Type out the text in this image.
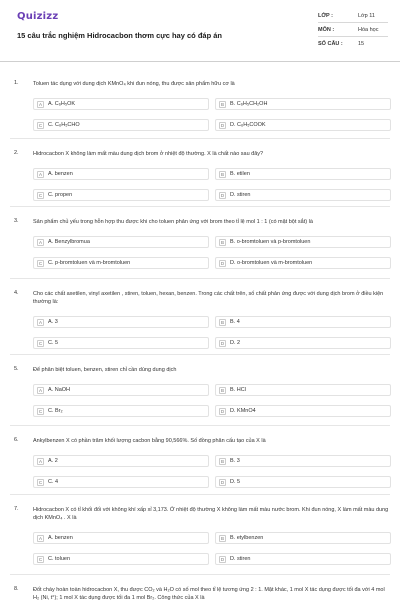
Quizizz
15 câu trắc nghiệm Hidrocacbon thơm cực hay có đáp án
LỚP :	Lớp 11
MÔN :	Hóa học
SỐ CÂU :	15
1.	Toluen tác dụng với dung dịch KMnO₄ khi đun nóng, thu được sản phẩm hữu cơ là
A	A. C₆H₅OK	B	B. C₆H₅CH₂OH
C	C. C₆H₅CHO	D	D. C₆H₅COOK
2.	Hidrocacbon X không làm mất màu dung dịch brom ở nhiệt độ thường. X là chất nào sau đây?
A	A. benzen	B	B. etilen
C	C. propen	D	D. stiren
3.	Sản phẩm chủ yếu trong hỗn hợp thu được khi cho toluen phản ứng với brom theo tỉ lệ mol 1 : 1 (có mặt bột sắt) là
A	A. Benzylbromua	B	B. o-bromtoluen và p-bromtoluen
C	C. p-bromtoluen và m-bromtoluen	D	D. o-bromtoluen và m-bromtoluen
4.	Cho các chất axetilen, vinyl axetilen , stiren, toluen, hexan, benzen. Trong các chất trên, số chất phản ứng được với dung dịch brom ở điều kiện thường là:
A	A. 3	B	B. 4
C	C. 5	D	D. 2
5.	Để phân biệt toluen, benzen, stiren chỉ cần dùng dung dịch
A	A. NaOH	B	B. HCl
C	C. Br₂	D	D. KMnO4
6.	Ankylbenzen X có phần trăm khối lượng cacbon bằng 90,566%. Số đồng phân cấu tạo của X là
A	A. 2	B	B. 3
C	C. 4	D	D. 5
7.	Hidrocacbon X có tỉ khối đối với không khí xấp xỉ 3,173. Ở nhiệt độ thường X không làm mất màu nước brom. Khi đun nóng, X làm mất màu dung dịch KMnO₄ . X là
A	A. benzen	B	B. etylbenzen
C	C. toluen	D	D. stiren
8.	Đốt cháy hoàn toàn hidrocacbon X, thu được CO₂ và H₂O có số mol theo tỉ lệ tương ứng 2 : 1. Mặt khác, 1 mol X tác dụng được tối đa với 4 mol H₂ (Ni, t°); 1 mol X tác dụng được tối đa 1 mol Br₂. Công thức của X là
